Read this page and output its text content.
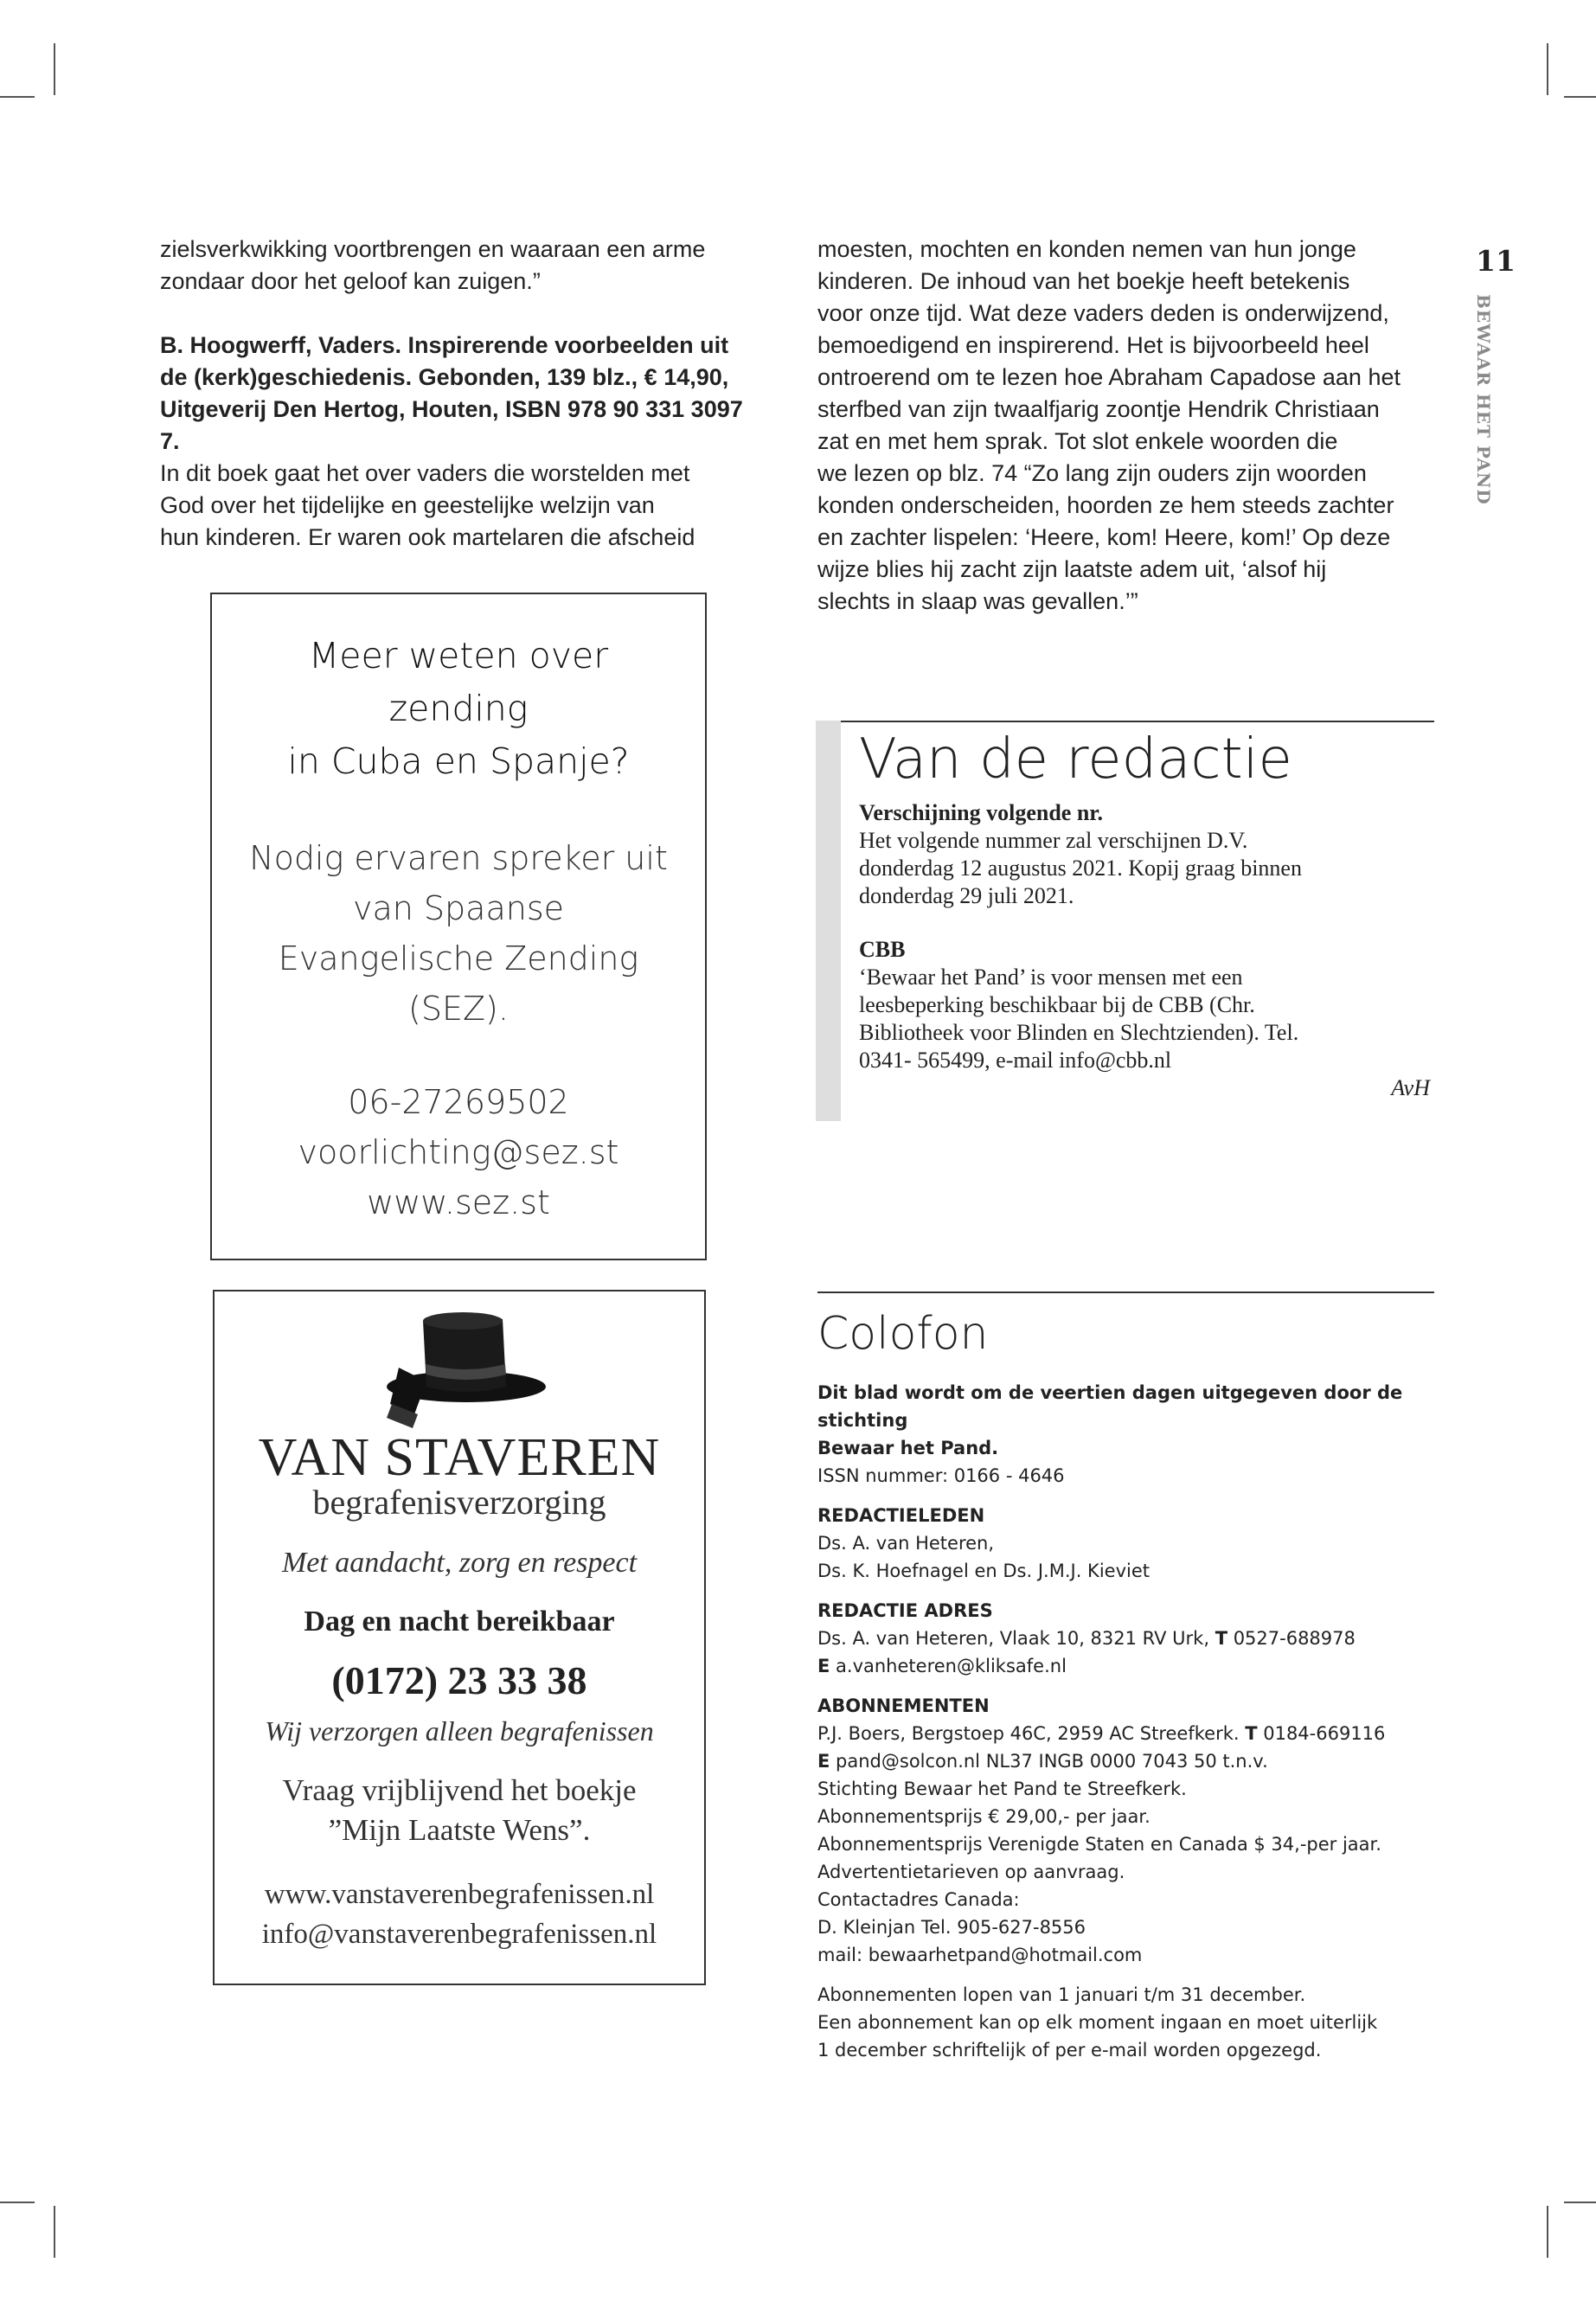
11
BEWAAR HET PAND

zielsverkwikking voortbrengen en waaraan een arme zondaar door het geloof kan zuigen.”

B. Hoogwerff, Vaders. Inspirerende voorbeelden uit

de (kerk)geschiedenis. Gebonden, 139 blz., € 14,90,

Uitgeverij Den Hertog, Houten, ISBN 978 90 331 3097

7.

In dit boek gaat het over vaders die worstelden met

God over het tijdelijke en geestelijke welzijn van

hun kinderen. Er waren ook martelaren die afscheid

moesten, mochten en konden nemen van hun jonge

kinderen. De inhoud van het boekje heeft betekenis

voor onze tijd. Wat deze vaders deden is onderwijzend,

bemoedigend en inspirerend. Het is bijvoorbeeld heel

ontroerend om te lezen hoe Abraham Capadose aan het

sterfbed van zijn twaalfjarig zoontje Hendrik Christiaan

zat en met hem sprak. Tot slot enkele woorden die

we lezen op blz. 74 “Zo lang zijn ouders zijn woorden

konden onderscheiden, hoorden ze hem steeds zachter

en zachter lispelen: ‘Heere, kom! Heere, kom!’ Op deze

wijze blies hij zacht zijn laatste adem uit, ‘alsof hij

slechts in slaap was gevallen.’”

Meer weten over

zending

in Cuba en Spanje?

Nodig ervaren spreker uit

van Spaanse

Evangelische Zending

(SEZ).

06-27269502

voorlichting@sez.st

www.sez.st

VAN STAVEREN

begrafenisverzorging

Met aandacht, zorg en respect

Dag en nacht bereikbaar

(0172) 23 33 38

Wij verzorgen alleen begrafenissen

Vraag vrijblijvend het boekje

”Mijn Laatste Wens”.

www.vanstaverenbegrafenissen.nl

info@vanstaverenbegrafenissen.nl

Van de redactie

Verschijning volgende nr.

Het volgende nummer zal verschijnen D.V.

donderdag 12 augustus 2021. Kopij graag binnen

donderdag 29 juli 2021.

CBB

‘Bewaar het Pand’ is voor mensen met een

leesbeperking beschikbaar bij de CBB (Chr.

Bibliotheek voor Blinden en Slechtzienden). Tel.

0341- 565499, e-mail info@cbb.nl

AvH

Colofon

Dit blad wordt om de veertien dagen uitgegeven door de stichting

Bewaar het Pand.

ISSN nummer: 0166 - 4646

REDACTIELEDEN

Ds. A. van Heteren,

Ds. K. Hoefnagel en Ds. J.M.J. Kieviet

REDACTIE ADRES

Ds. A. van Heteren, Vlaak 10, 8321 RV Urk, T 0527-688978

E a.vanheteren@kliksafe.nl

ABONNEMENTEN

P.J. Boers, Bergstoep 46C, 2959 AC Streefkerk. T 0184-669116

E pand@solcon.nl NL37 INGB 0000 7043 50 t.n.v.

Stichting Bewaar het Pand te Streefkerk.

Abonnementsprijs € 29,00,- per jaar.

Abonnementsprijs Verenigde Staten en Canada $ 34,-per jaar.

Advertentietarieven op aanvraag.

Contactadres Canada:

D. Kleinjan Tel. 905-627-8556

mail: bewaarhetpand@hotmail.com

Abonnementen lopen van 1 januari t/m 31 december.

Een abonnement kan op elk moment ingaan en moet uiterlijk

1 december schriftelijk of per e-mail worden opgezegd.
